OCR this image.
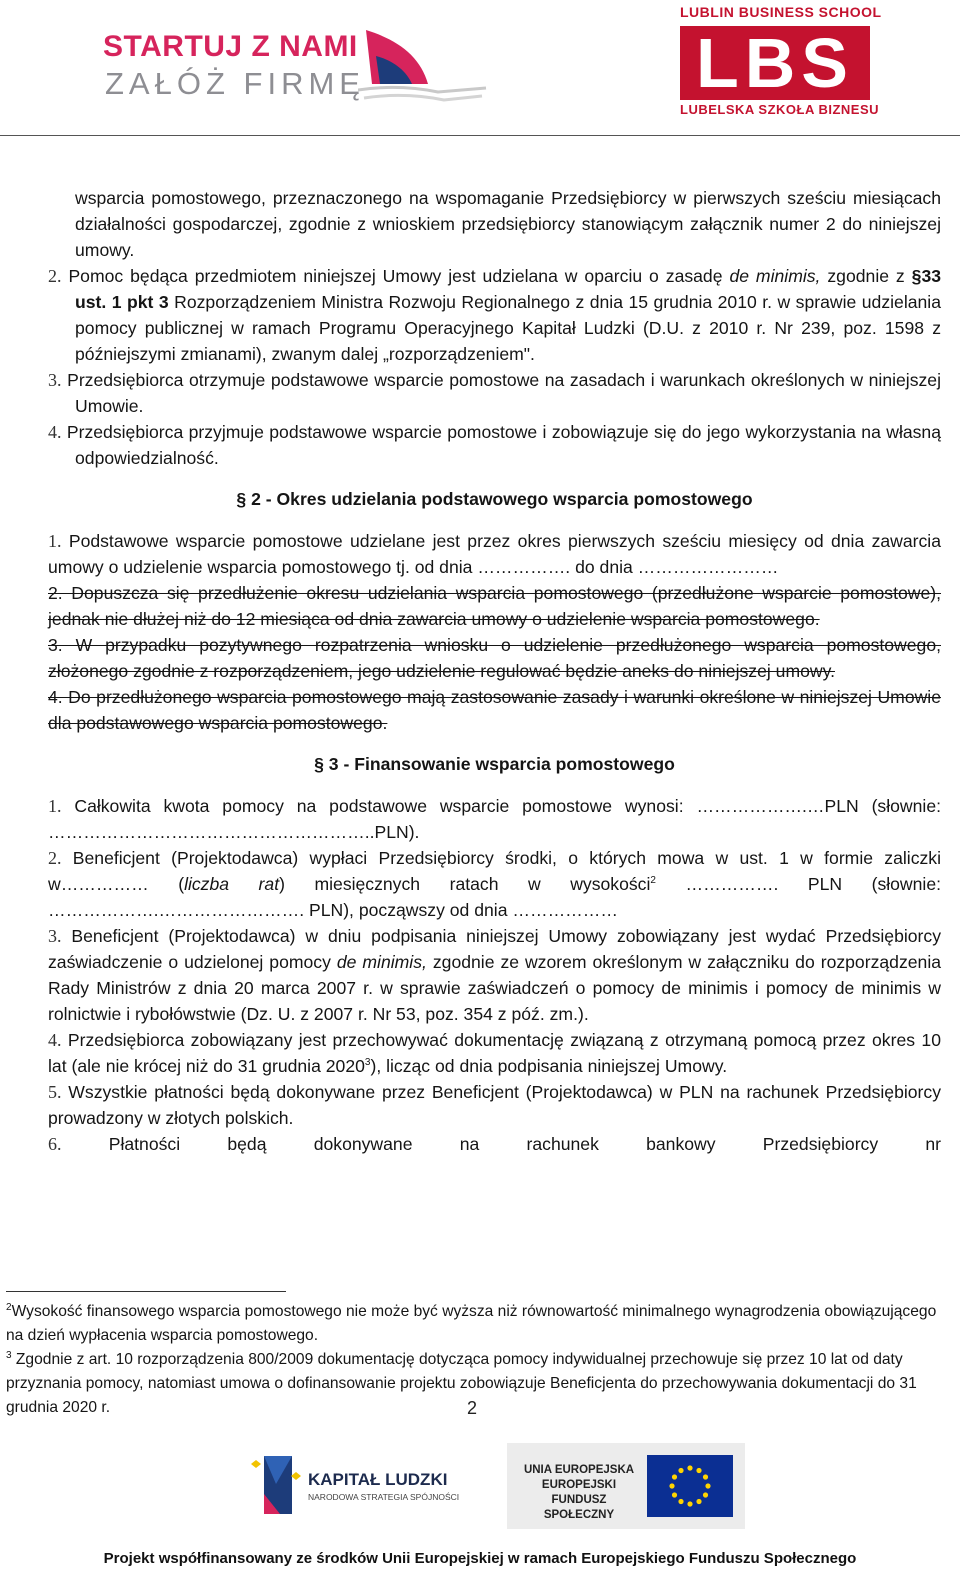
STARTUJ Z NAMI
ZAŁÓŻ FIRMĘ
LUBLIN BUSINESS SCHOOL
LBS
LUBELSKA SZKOŁA BIZNESU

wsparcia pomostowego, przeznaczonego na wspomaganie Przedsiębiorcy w pierwszych sześciu miesiącach działalności gospodarczej, zgodnie z wnioskiem przedsiębiorcy stanowiącym załącznik numer 2 do niniejszej umowy.

2. Pomoc będąca przedmiotem niniejszej Umowy jest udzielana w oparciu o zasadę de minimis, zgodnie z §33 ust. 1 pkt 3 Rozporządzeniem Ministra Rozwoju Regionalnego z dnia 15 grudnia 2010 r. w sprawie udzielania pomocy publicznej w ramach Programu Operacyjnego Kapitał Ludzki (D.U. z 2010 r. Nr 239, poz. 1598 z późniejszymi zmianami), zwanym dalej „rozporządzeniem".

3. Przedsiębiorca otrzymuje podstawowe wsparcie pomostowe na zasadach i warunkach określonych w niniejszej Umowie.

4. Przedsiębiorca przyjmuje podstawowe wsparcie pomostowe i zobowiązuje się do jego wykorzystania na własną odpowiedzialność.

§ 2 - Okres udzielania podstawowego wsparcia pomostowego

1. Podstawowe wsparcie pomostowe udzielane jest przez okres pierwszych sześciu miesięcy od dnia zawarcia umowy o udzielenie wsparcia pomostowego tj. od dnia ……………. do dnia ……………………

2. Dopuszcza się przedłużenie okresu udzielania wsparcia pomostowego (przedłużone wsparcie pomostowe), jednak nie dłużej niż do 12 miesiąca od dnia zawarcia umowy o udzielenie wsparcia pomostowego.

3. W przypadku pozytywnego rozpatrzenia wniosku o udzielenie przedłużonego wsparcia pomostowego, złożonego zgodnie z rozporządzeniem, jego udzielenie regulować będzie aneks do niniejszej umowy.

4. Do przedłużonego wsparcia pomostowego mają zastosowanie zasady i warunki określone w niniejszej Umowie dla podstawowego wsparcia pomostowego.

§ 3 - Finansowanie wsparcia pomostowego

1. Całkowita kwota pomocy na podstawowe wsparcie pomostowe wynosi: ……………….…PLN (słownie: ………………………………………………..PLN).

2. Beneficjent (Projektodawca) wypłaci Przedsiębiorcy środki, o których mowa w ust. 1 w formie zaliczki w…………… (liczba rat) miesięcznych ratach w wysokości$^2$ ……………. PLN (słownie: ……………….……………………. PLN), począwszy od dnia ………………

3. Beneficjent (Projektodawca) w dniu podpisania niniejszej Umowy zobowiązany jest wydać Przedsiębiorcy zaświadczenie o udzielonej pomocy de minimis, zgodnie ze wzorem określonym w załączniku do rozporządzenia Rady Ministrów z dnia 20 marca 2007 r. w sprawie zaświadczeń o pomocy de minimis i pomocy de minimis w rolnictwie i rybołówstwie (Dz. U. z 2007 r. Nr 53, poz. 354 z póź. zm.).

4. Przedsiębiorca zobowiązany jest przechowywać dokumentację związaną z otrzymaną pomocą przez okres 10 lat (ale nie krócej niż do 31 grudnia 2020$^3$), licząc od dnia podpisania niniejszej Umowy.

5. Wszystkie płatności będą dokonywane przez Beneficjent (Projektodawca) w PLN na rachunek Przedsiębiorcy prowadzony w złotych polskich.

6.	Płatności będą dokonywane na rachunek bankowy Przedsiębiorcy nr

$^2$Wysokość finansowego wsparcia pomostowego nie może być wyższa niż równowartość minimalnego wynagrodzenia obowiązującego na dzień wypłacenia wsparcia pomostowego.

$^3$ Zgodnie z art. 10 rozporządzenia 800/2009 dokumentację dotycząca pomocy indywidualnej przechowuje się przez 10 lat od daty przyznania pomocy, natomiast umowa o dofinansowanie projektu zobowiązuje Beneficjenta do przechowywania dokumentacji do 31 grudnia 2020 r.	2
KAPITAŁ LUDZKI
NARODOWA STRATEGIA SPÓJNOŚCI
UNIA EUROPEJSKA
EUROPEJSKI
FUNDUSZ SPOŁECZNY
Projekt współfinansowany ze środków Unii Europejskiej w ramach Europejskiego Funduszu Społecznego
